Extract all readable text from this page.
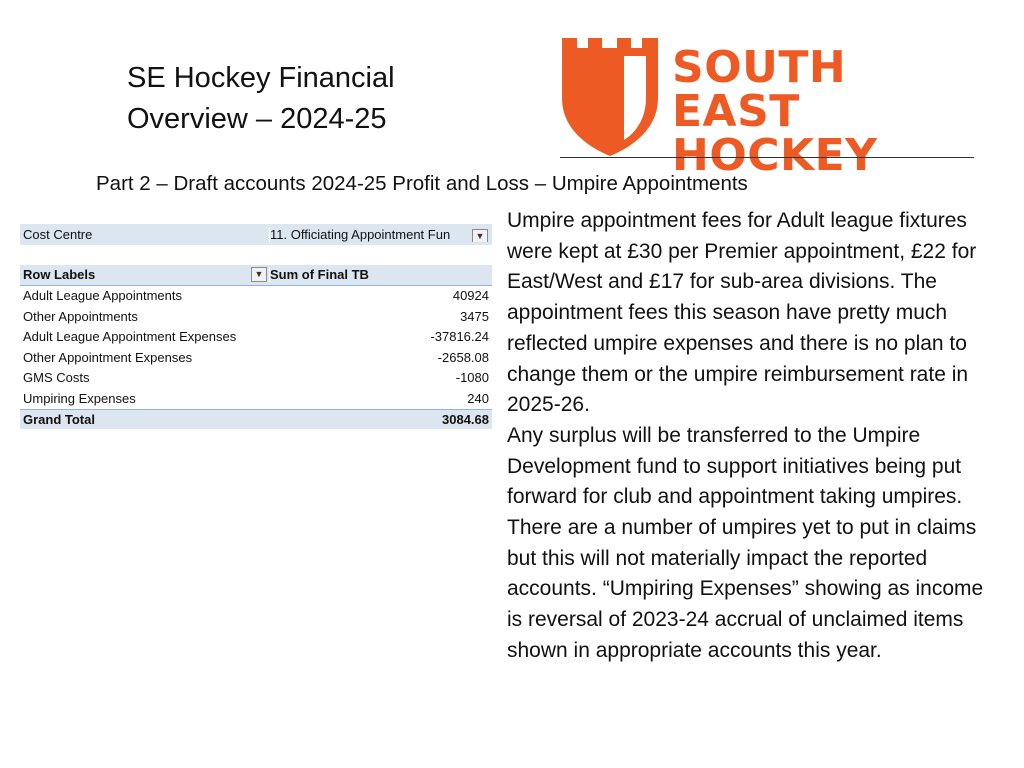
SE Hockey Financial
Overview – 2024-25
SOUTH EAST
HOCKEY
Part 2 – Draft accounts 2024-25 Profit and Loss – Umpire Appointments
Cost Centre	11. Officiating Appointment Fun	▼
Row Labels	▼ Sum of Final TB
Adult League Appointments	40924
Other Appointments	3475
Adult League Appointment Expenses	-37816.24
Other Appointment Expenses	-2658.08
GMS Costs	-1080
Umpiring Expenses	240
Grand Total	3084.68

Umpire appointment fees for Adult league fixtures were kept at £30 per Premier appointment, £22 for East/West and £17 for sub-area divisions. The appointment fees this season have pretty much reflected umpire expenses and there is no plan to change them or the umpire reimbursement rate in 2025-26.

Any surplus will be transferred to the Umpire Development fund to support initiatives being put forward for club and appointment taking umpires.

There are a number of umpires yet to put in claims but this will not materially impact the reported accounts. “Umpiring Expenses” showing as income is reversal of 2023-24 accrual of unclaimed items shown in appropriate accounts this year.
